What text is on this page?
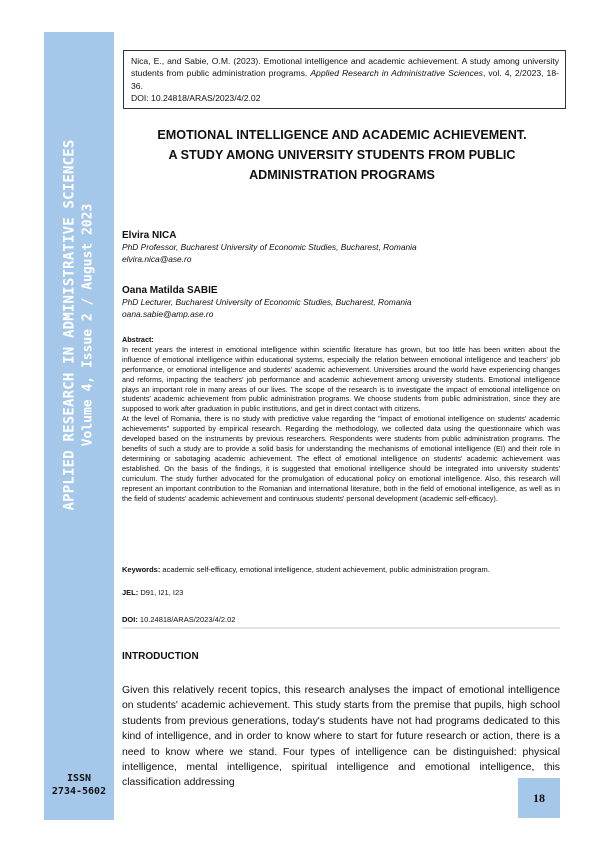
APPLIED RESEARCH IN ADMINISTRATIVE SCIENCES Volume 4, Issue 2 / August 2023
ISSN
2734-5602
Nica, E., and Sabie, O.M. (2023). Emotional intelligence and academic achievement. A study among university students from public administration programs. Applied Research in Administrative Sciences, vol. 4, 2/2023, 18-36.
DOI: 10.24818/ARAS/2023/4/2.02
EMOTIONAL INTELLIGENCE AND ACADEMIC ACHIEVEMENT.
A STUDY AMONG UNIVERSITY STUDENTS FROM PUBLIC
ADMINISTRATION PROGRAMS
Elvira NICA
PhD Professor, Bucharest University of Economic Studies, Bucharest, Romania
elvira.nica@ase.ro
Oana Matilda SABIE
PhD Lecturer, Bucharest University of Economic Studies, Bucharest, Romania
oana.sabie@amp.ase.ro
Abstract:

In recent years the interest in emotional intelligence within scientific literature has grown, but too little has been written about the influence of emotional intelligence within educational systems, especially the relation between emotional intelligence and teachers' job performance, or emotional intelligence and students' academic achievement. Universities around the world have experiencing changes and reforms, impacting the teachers' job performance and academic achievement among university students. Emotional intelligence plays an important role in many areas of our lives. The scope of the research is to investigate the impact of emotional intelligence on students' academic achievement from public administration programs. We choose students from public administration, since they are supposed to work after graduation in public institutions, and get in direct contact with citizens.

At the level of Romania, there is no study with predictive value regarding the "impact of emotional intelligence on students' academic achievements" supported by empirical research. Regarding the methodology, we collected data using the questionnaire which was developed based on the instruments by previous researchers. Respondents were students from public administration programs. The benefits of such a study are to provide a solid basis for understanding the mechanisms of emotional intelligence (EI) and their role in determining or sabotaging academic achievement. The effect of emotional intelligence on students' academic achievement was established. On the basis of the findings, it is suggested that emotional intelligence should be integrated into university students' curriculum. The study further advocated for the promulgation of educational policy on emotional intelligence. Also, this research will represent an important contribution to the Romanian and international literature, both in the field of emotional intelligence, as well as in the field of students' academic achievement and continuous students' personal development (academic self-efficacy).

Keywords: academic self-efficacy, emotional intelligence, student achievement, public administration program.
JEL: D91, I21, I23
DOI: 10.24818/ARAS/2023/4/2.02
INTRODUCTION
Given this relatively recent topics, this research analyses the impact of emotional intelligence on students' academic achievement. This study starts from the premise that pupils, high school students from previous generations, today's students have not had programs dedicated to this kind of intelligence, and in order to know where to start for future research or action, there is a need to know where we stand. Four types of intelligence can be distinguished: physical intelligence, mental intelligence, spiritual intelligence and emotional intelligence, this classification addressing
18
